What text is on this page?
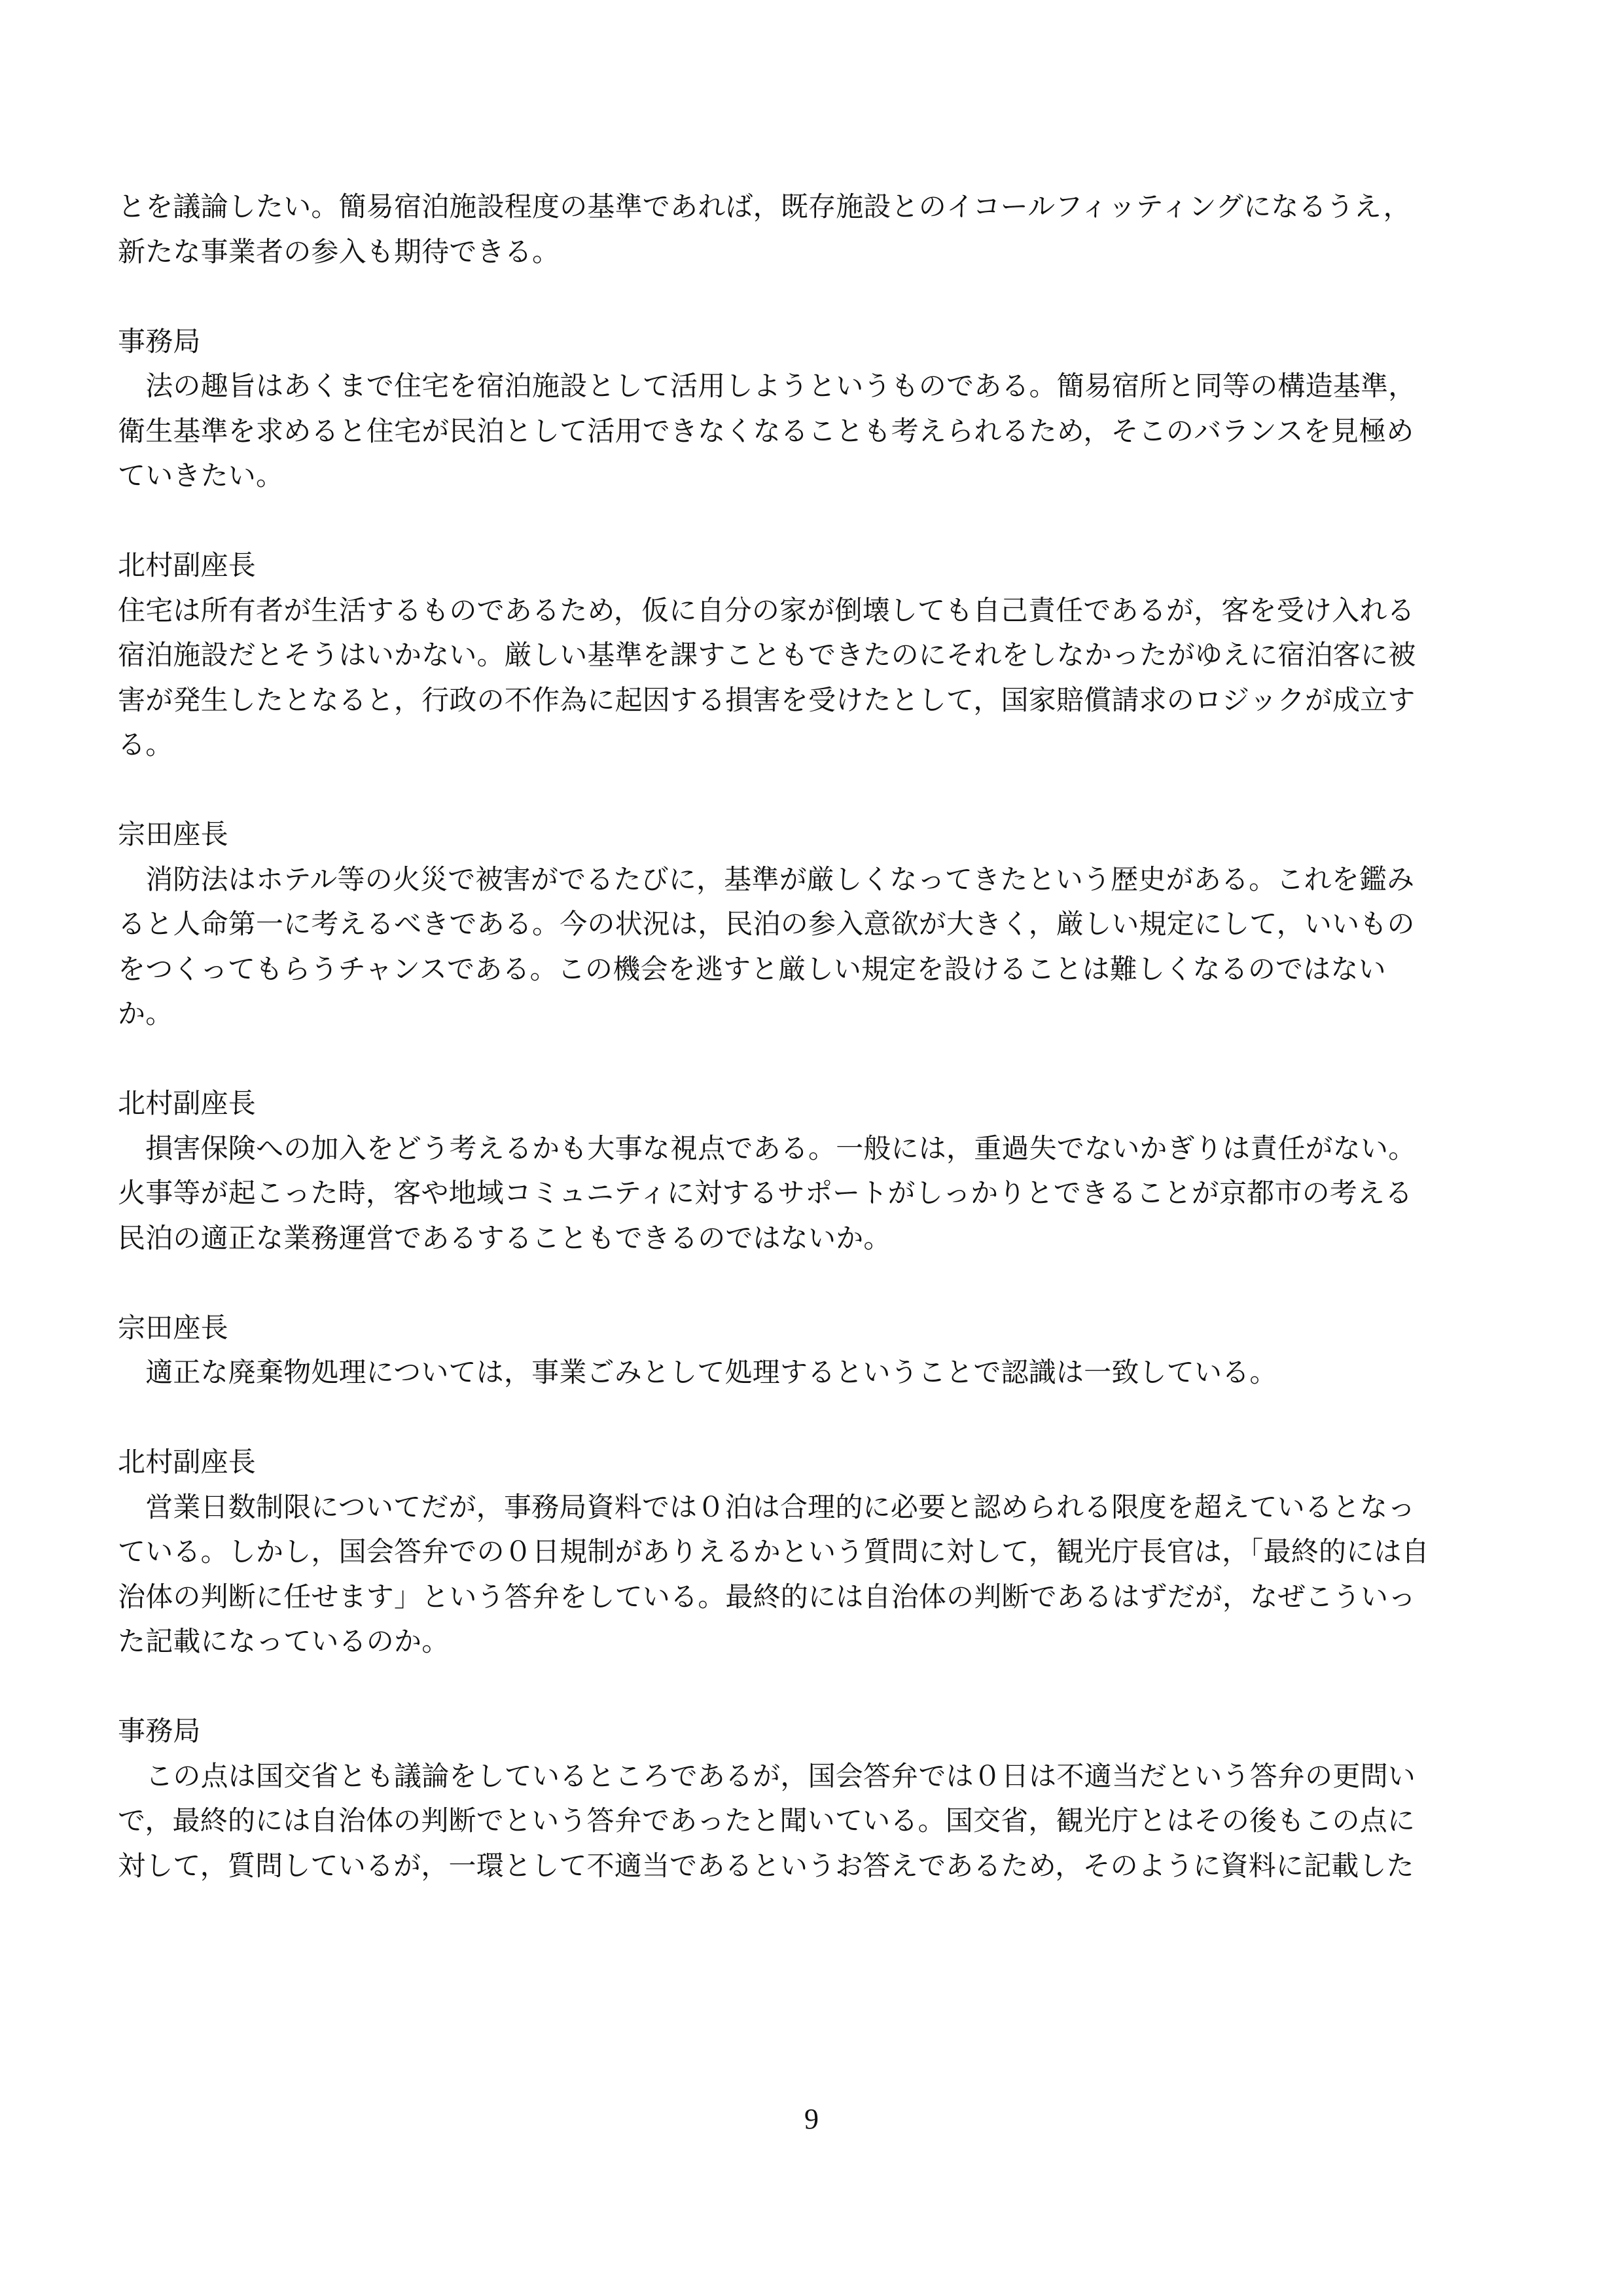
とを議論したい。簡易宿泊施設程度の基準であれば，既存施設とのイコールフィッティングになるうえ，
新たな事業者の参入も期待できる。
事務局
　法の趣旨はあくまで住宅を宿泊施設として活用しようというものである。簡易宿所と同等の構造基準，
衛生基準を求めると住宅が民泊として活用できなくなることも考えられるため，そこのバランスを見極め
ていきたい。
北村副座長
住宅は所有者が生活するものであるため，仮に自分の家が倒壊しても自己責任であるが，客を受け入れる
宿泊施設だとそうはいかない。厳しい基準を課すこともできたのにそれをしなかったがゆえに宿泊客に被
害が発生したとなると，行政の不作為に起因する損害を受けたとして，国家賠償請求のロジックが成立す
る。
宗田座長
　消防法はホテル等の火災で被害がでるたびに，基準が厳しくなってきたという歴史がある。これを鑑み
ると人命第一に考えるべきである。今の状況は，民泊の参入意欲が大きく，厳しい規定にして，いいもの
をつくってもらうチャンスである。この機会を逃すと厳しい規定を設けることは難しくなるのではない
か。
北村副座長
　損害保険への加入をどう考えるかも大事な視点である。一般には，重過失でないかぎりは責任がない。
火事等が起こった時，客や地域コミュニティに対するサポートがしっかりとできることが京都市の考える
民泊の適正な業務運営であるすることもできるのではないか。
宗田座長
　適正な廃棄物処理については，事業ごみとして処理するということで認識は一致している。
北村副座長
　営業日数制限についてだが，事務局資料では０泊は合理的に必要と認められる限度を超えているとなっ
ている。しかし，国会答弁での０日規制がありえるかという質問に対して，観光庁長官は，「最終的には自
治体の判断に任せます」という答弁をしている。最終的には自治体の判断であるはずだが，なぜこういっ
た記載になっているのか。
事務局
　この点は国交省とも議論をしているところであるが，国会答弁では０日は不適当だという答弁の更問い
で，最終的には自治体の判断でという答弁であったと聞いている。国交省，観光庁とはその後もこの点に
対して，質問しているが，一環として不適当であるというお答えであるため，そのように資料に記載した
9
